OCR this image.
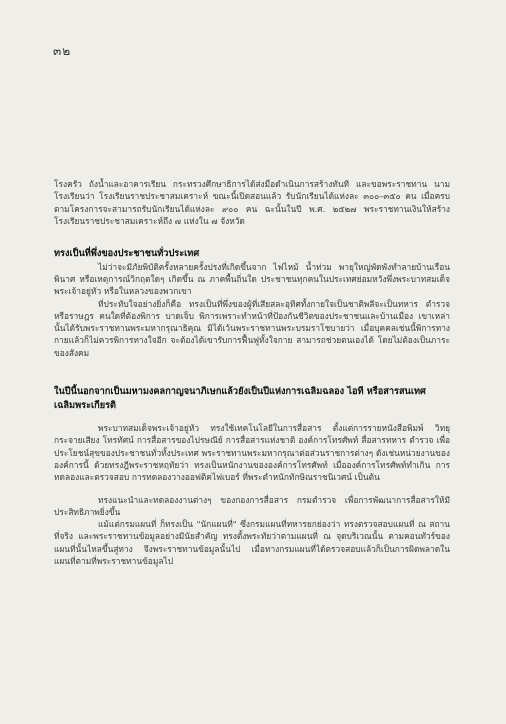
๓๒

โรงครัว ถังน้ำและอาคารเรียน กระทรวงศึกษาธิการได้ส่งมือดำเนินการสร้างทันที และขอพระราชทาน นามโรงเรียนว่า โรงเรียนราชประชาสมเคราะห์ ขณะนี้เปิดสอนแล้ว รับนักเรียนได้แห่งละ ๓๐๐–๓๕๐ คน เมื่อครบตามโครงการจะสามารถรับนักเรียนได้แห่งละ ๙๐๐ คน ฉะนั้นในปี พ.ศ. ๒๕๒๗ พระราชทานเงินให้สร้างโรงเรียนราชประชาสมเคราะห์ถึง ๗ แห่งใน ๗ จังหวัด

ทรงเป็นที่พึ่งของประชาชนทั่วประเทศ

ไม่ว่าจะมีภัยพิบัติครั้งหลายครั้งปรงที่เกิดขึ้นจาก ไฟไหม้ น้ำท่วม พายุใหญ่พัดพังทำลายบ้านเรือนพินาศ หรือเหตุการณ์วิกฤตใดๆ เกิดขึ้น ณ ภาคพื้นถิ่นใด ประชาชนทุกคนในประเทศย่อมหวังพึ่งพระบาทสมเด็จพระเจ้าอยู่หัว หรือในหลวงของพวกเขา

ที่ประทับใจอย่างยิ่งก็คือ ทรงเป็นที่พึ่งของผู้ที่เสียสละอุทิศทั้งกายใจเป็นชาติพลีจะเป็นทหาร ตำรวจ หรือราษฎร คนใดที่ต้องพิการ บาดเจ็บ พิการเพราะทำหน้าที่ป้องกันชีวิตของประชาชนและบ้านเมือง เขาเหล่านั้นได้รับพระราชทานพระมหากรุณาธิคุณ มิได้เว้นพระราชทานพระบรมราโชบายว่า เมื่อบุคคลเช่นนี้พิการทางกายแล้วก็ไม่ควรพิการทางใจอีก จะต้องได้เขารับการฟื้นฟูทั้งใจกาย สามารถช่วยตนเองได้ โดยไม่ต้องเป็นภาระของสังคม

ในปีนี้นอกจากเป็นมหามงคลกาญจนาภิเษกแล้วยังเป็นปีแห่งการเฉลิมฉลอง ไอที หรือสารสนเทศเฉลิมพระเกียรติ

พระบาทสมเด็จพระเจ้าอยู่หัว ทรงใช้เทคโนโลยีในการสื่อสาร ตั้งแต่การรายหนังสือพิมพ์ วิทยุกระจายเสียง โทรทัศน์ การสื่อสารของไปรษณีย์ การสื่อสารแห่งชาติ องค์การโทรศัพท์ สื่อสารทหาร ตำรวจ เพื่อประโยชน์สุขของประชาชนทั่วทั้งประเทศ พระราชทานพระมหากรุณาต่อส่วนราชการต่างๆ ดังเช่นหน่วยงานขององค์การนี้ ด้วยทรงฎีพระราชหฤทัยว่า ทรงเป็นหนักงานขององค์การโทรศัพท์ เมื่อองค์การโทรศัพท์ทำเกิน การทดลองและตรวจสอบ การทดลองวางออฟติคไฟเบอร์ ที่พระตำหนักทักษิณราชนิเวศน์ เป็นต้น

ทรงแนะนำและทดลองงานต่างๆ ของกองการสื่อสาร กรมตำรวจ เพื่อการพัฒนาการสื่อสารให้มีประสิทธิภาพยิ่งขึ้น

แม้แต่กรมแผนที่ ก็ทรงเป็น "นักแผนที่" ซึ่งกรมแผนที่ทหารยกย่องว่า ทรงตรวจสอบแผนที่ ณ สถานที่จริง และพระราชทานข้อมูลอย่างมีนัยสำคัญ ทรงตั้งพระทัยว่าตามแผนที่ ณ จุดบริเวณนั้น ตามคอนทัวร์ของแผนที่นั้นไหลขึ้นสู่ทาง จึงพระราชทานข้อมูลนั้นไป เมื่อทางกรมแผนที่ได้ตรวจสอบแล้วก็เป็นการผิดพลาดในแผนที่ตามที่พระราชทานข้อมูลไป
